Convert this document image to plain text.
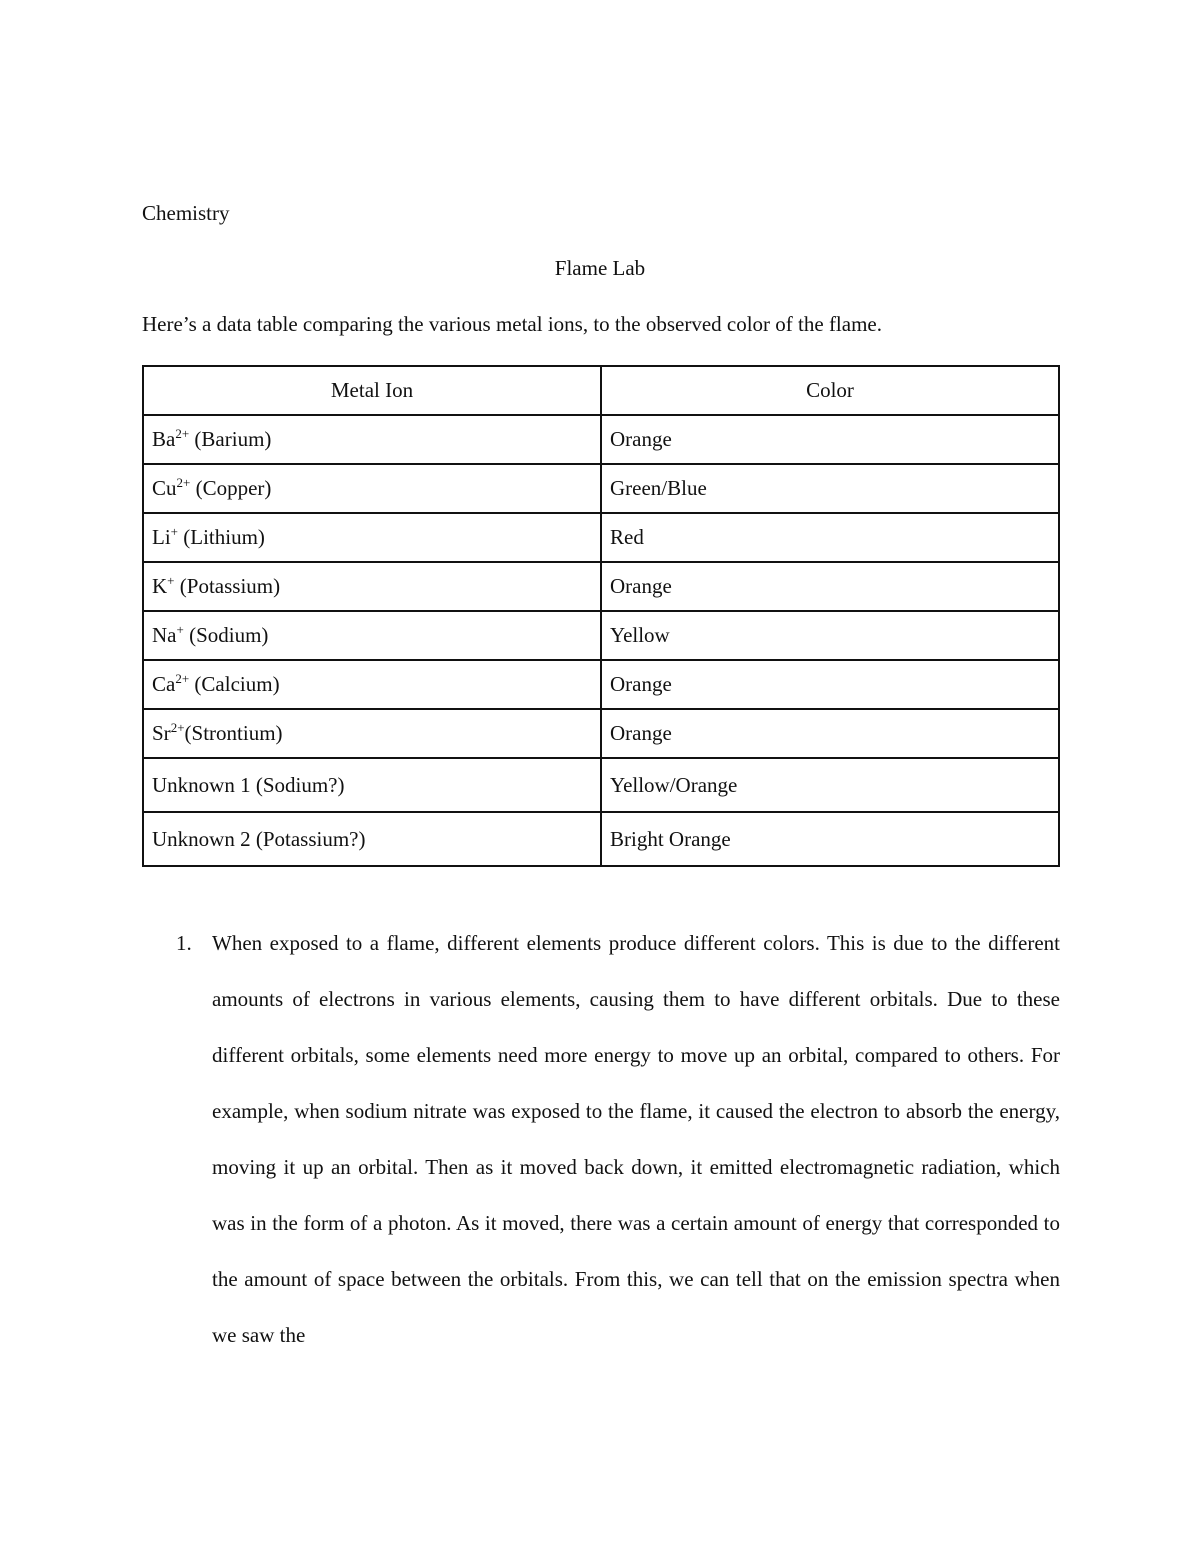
Chemistry

Flame Lab

Here’s a data table comparing the various metal ions, to the observed color of the flame.

Metal Ion	Color
$Ba^{2+}$ (Barium)	Orange
$Cu^{2+}$ (Copper)	Green/Blue
Li+ (Lithium)	Red
K+ (Potassium)	Orange
Na+ (Sodium)	Yellow
$Ca^{2+}$ (Calcium)	Orange
$Sr^{2+}(Strontium)$	Orange
Unknown 1 (Sodium?)	Yellow/Orange
Unknown 2 (Potassium?)	Bright Orange
1. When exposed to a flame, different elements produce different colors. This is due to the different amounts of electrons in various elements, causing them to have different orbitals. Due to these different orbitals, some elements need more energy to move up an orbital, compared to others. For example, when sodium nitrate was exposed to the flame, it caused the electron to absorb the energy, moving it up an orbital. Then as it moved back down, it emitted electromagnetic radiation, which was in the form of a photon. As it moved, there was a certain amount of energy that corresponded to the amount of space between the orbitals. From this, we can tell that on the emission spectra when we saw the
